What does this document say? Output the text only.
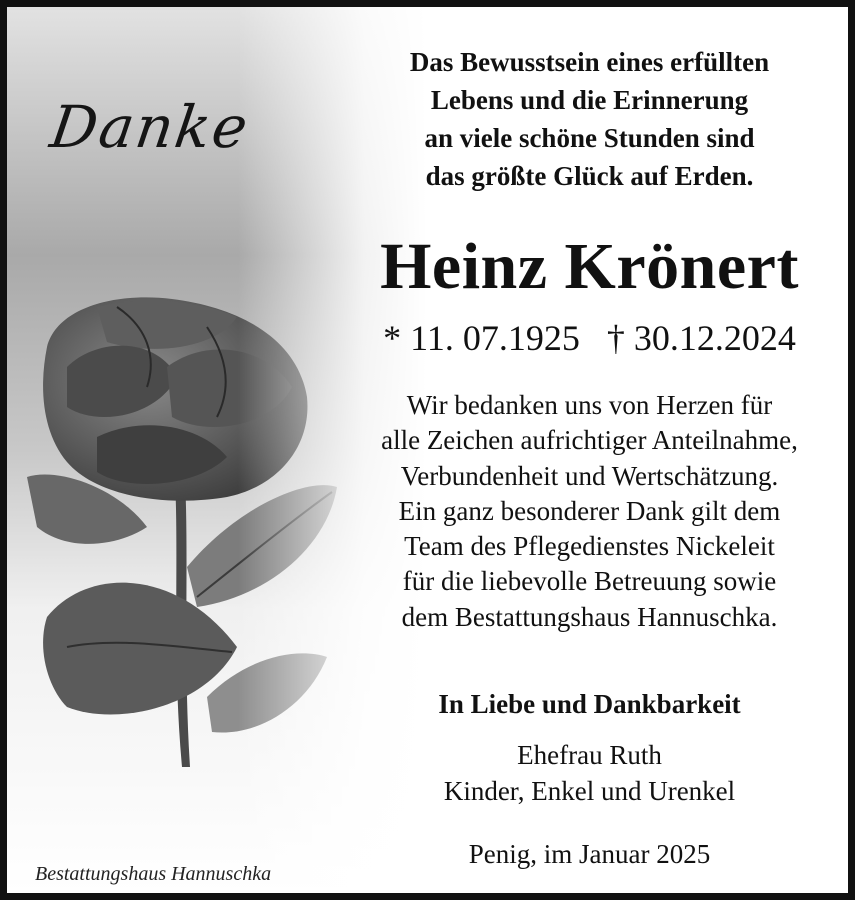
Danke
Das Bewusstsein eines erfüllten
Lebens und die Erinnerung
an viele schöne Stunden sind
das größte Glück auf Erden.
Heinz Krönert
* 11. 07.1925 † 30.12.2024
Wir bedanken uns von Herzen für
alle Zeichen aufrichtiger Anteilnahme,
Verbundenheit und Wertschätzung.
Ein ganz besonderer Dank gilt dem
Team des Pflegedienstes Nickeleit
für die liebevolle Betreuung sowie
dem Bestattungshaus Hannuschka.
In Liebe und Dankbarkeit
Ehefrau Ruth
Kinder, Enkel und Urenkel
Penig, im Januar 2025
Bestattungshaus Hannuschka
